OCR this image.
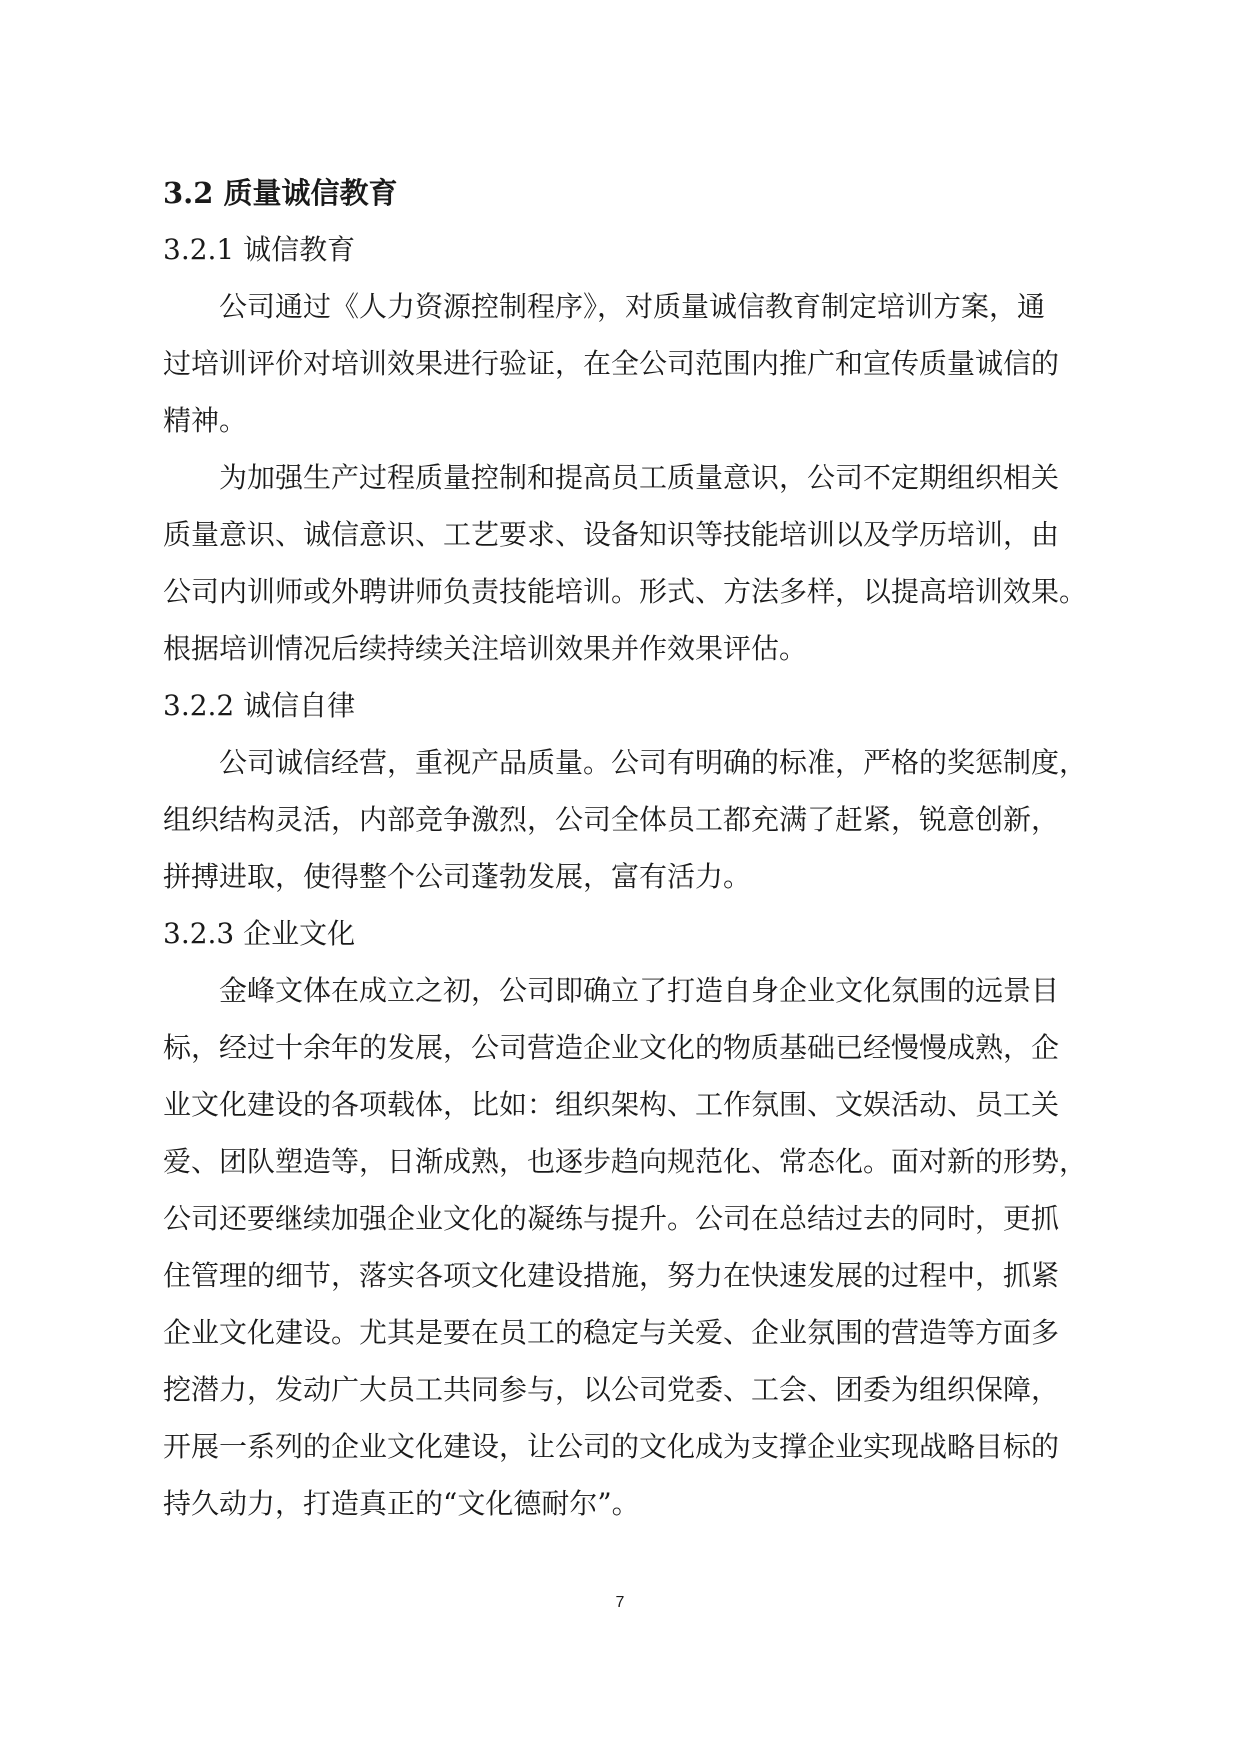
3.2 质量诚信教育
3.2.1 诚信教育
公司通过《人力资源控制程序》，对质量诚信教育制定培训方案，通
过培训评价对培训效果进行验证，在全公司范围内推广和宣传质量诚信的
精神。
为加强生产过程质量控制和提高员工质量意识，公司不定期组织相关
质量意识、诚信意识、工艺要求、设备知识等技能培训以及学历培训，由
公司内训师或外聘讲师负责技能培训。形式、方法多样，以提高培训效果。
根据培训情况后续持续关注培训效果并作效果评估。
3.2.2 诚信自律
公司诚信经营，重视产品质量。公司有明确的标准，严格的奖惩制度，
组织结构灵活，内部竞争激烈，公司全体员工都充满了赶紧，锐意创新，
拼搏进取，使得整个公司蓬勃发展，富有活力。
3.2.3 企业文化
金峰文体在成立之初，公司即确立了打造自身企业文化氛围的远景目
标，经过十余年的发展，公司营造企业文化的物质基础已经慢慢成熟，企
业文化建设的各项载体，比如：组织架构、工作氛围、文娱活动、员工关
爱、团队塑造等，日渐成熟，也逐步趋向规范化、常态化。面对新的形势，
公司还要继续加强企业文化的凝练与提升。公司在总结过去的同时，更抓
住管理的细节，落实各项文化建设措施，努力在快速发展的过程中，抓紧
企业文化建设。尤其是要在员工的稳定与关爱、企业氛围的营造等方面多
挖潜力，发动广大员工共同参与，以公司党委、工会、团委为组织保障，
开展一系列的企业文化建设，让公司的文化成为支撑企业实现战略目标的
持久动力，打造真正的“文化德耐尔”。
7
